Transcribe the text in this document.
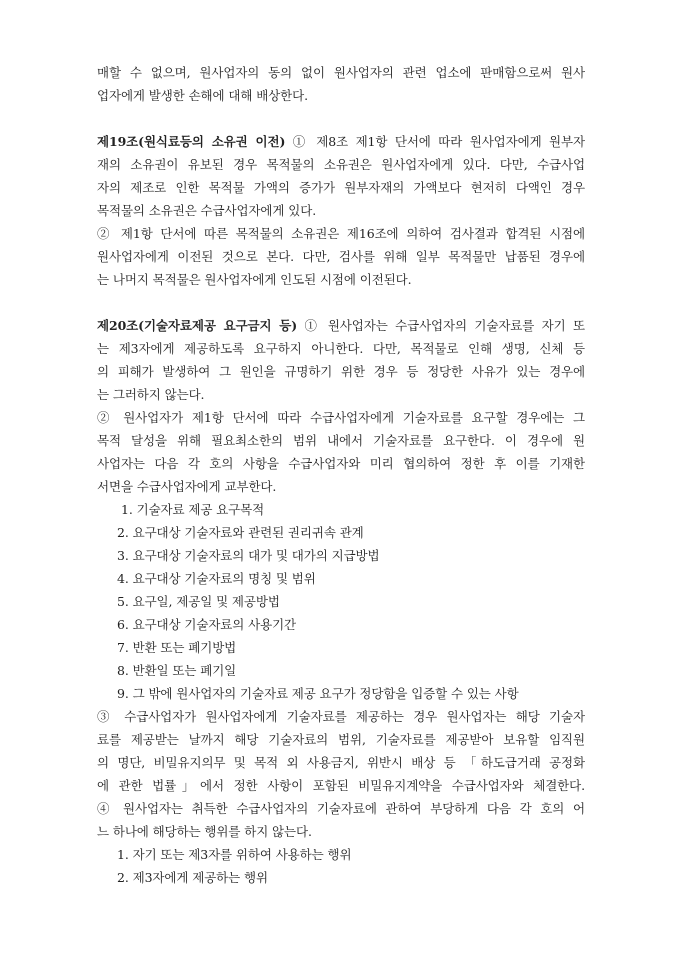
매할 수 없으며, 원사업자의 동의 없이 원사업자의 관련 업소에 판매함으로써 원사
업자에게 발생한 손해에 대해 배상한다.
제19조(원식료등의 소유권 이전) ① 제8조 제1항 단서에 따라 원사업자에게 원부자
재의 소유권이 유보된 경우 목적물의 소유권은 원사업자에게 있다. 다만, 수급사업
자의 제조로 인한 목적물 가액의 증가가 원부자재의 가액보다 현저히 다액인 경우
목적물의 소유권은 수급사업자에게 있다.
② 제1항 단서에 따른 목적물의 소유권은 제16조에 의하여 검사결과 합격된 시점에
원사업자에게 이전된 것으로 본다. 다만, 검사를 위해 일부 목적물만 납품된 경우에
는 나머지 목적물은 원사업자에게 인도된 시점에 이전된다.
제20조(기술자료제공 요구금지 등) ① 원사업자는 수급사업자의 기술자료를 자기 또
는 제3자에게 제공하도록 요구하지 아니한다. 다만, 목적물로 인해 생명, 신체 등
의 피해가 발생하여 그 원인을 규명하기 위한 경우 등 정당한 사유가 있는 경우에
는 그러하지 않는다.
② 원사업자가 제1항 단서에 따라 수급사업자에게 기술자료를 요구할 경우에는 그
목적 달성을 위해 필요최소한의 범위 내에서 기술자료를 요구한다. 이 경우에 원
사업자는 다음 각 호의 사항을 수급사업자와 미리 협의하여 정한 후 이를 기재한
서면을 수급사업자에게 교부한다.
1. 기술자료 제공 요구목적
2. 요구대상 기술자료와 관련된 권리귀속 관계
3. 요구대상 기술자료의 대가 및 대가의 지급방법
4. 요구대상 기술자료의 명칭 및 범위
5. 요구일, 제공일 및 제공방법
6. 요구대상 기술자료의 사용기간
7. 반환 또는 폐기방법
8. 반환일 또는 폐기일
9. 그 밖에 원사업자의 기술자료 제공 요구가 정당함을 입증할 수 있는 사항
③ 수급사업자가 원사업자에게 기술자료를 제공하는 경우 원사업자는 해당 기술자
료를 제공받는 날까지 해당 기술자료의 범위, 기술자료를 제공받아 보유할 임직원
의 명단, 비밀유지의무 및 목적 외 사용금지, 위반시 배상 등 「하도급거래 공정화
에 관한 법률」에서 정한 사항이 포함된 비밀유지계약을 수급사업자와 체결한다.
④ 원사업자는 취득한 수급사업자의 기술자료에 관하여 부당하게 다음 각 호의 어
느 하나에 해당하는 행위를 하지 않는다.
1. 자기 또는 제3자를 위하여 사용하는 행위
2. 제3자에게 제공하는 행위
